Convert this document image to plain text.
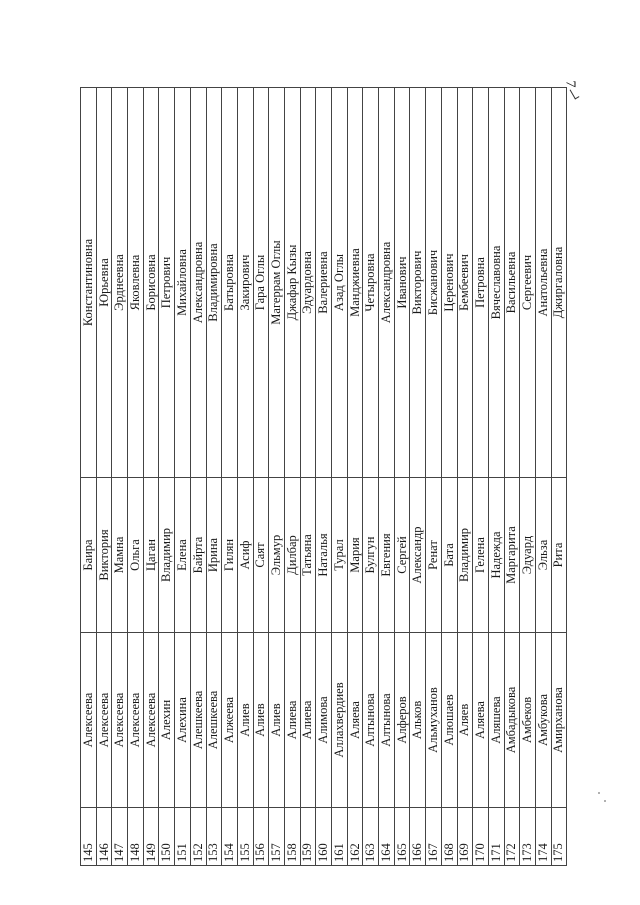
7
145	Алексеева	Баира	Константиновна
146	Алексеева	Виктория	Юрьевна
147	Алексеева	Мамна	Эрднеевна
148	Алексеева	Ольга	Яковлевна
149	Алексеева	Цаган	Борисовна
150	Алехин	Владимир	Петрович
151	Алехина	Елена	Михайловна
152	Алешкеева	Байрта	Александровна
153	Алешкеева	Ирина	Владимировна
154	Алжеева	Гилян	Батыровна
155	Алиев	Асиф	Закирович
156	Алиев	Саят	Гара Оглы
157	Алиев	Эльмур	Магеррам Оглы
158	Алиева	Дилбар	Джафар Кызы
159	Алиева	Татьяна	Эдуардовна
160	Алимова	Наталья	Валериевна
161	Аллахвердиев	Турал	Азад Оглы
162	Аляева	Мария	Манджиевна
163	Алтынова	Булгун	Четыровна
164	Алтынова	Евгения	Александровна
165	Алферов	Сергей	Иванович
166	Альков	Александр	Викторович
167	Альмуханов	Ренат	Бисжанович
168	Алюшаев	Бата	Церенович
169	Аляев	Владимир	Бембеевич
170	Аляева	Гелена	Петровна
171	Аляшева	Надежда	Вячеславовна
172	Амбадыкова	Маргарита	Васильевна
173	Амбеков	Эдуард	Сергеевич
174	Амбукова	Эльза	Анатольевна
175	Амирханова	Рита	Джиргаловна
